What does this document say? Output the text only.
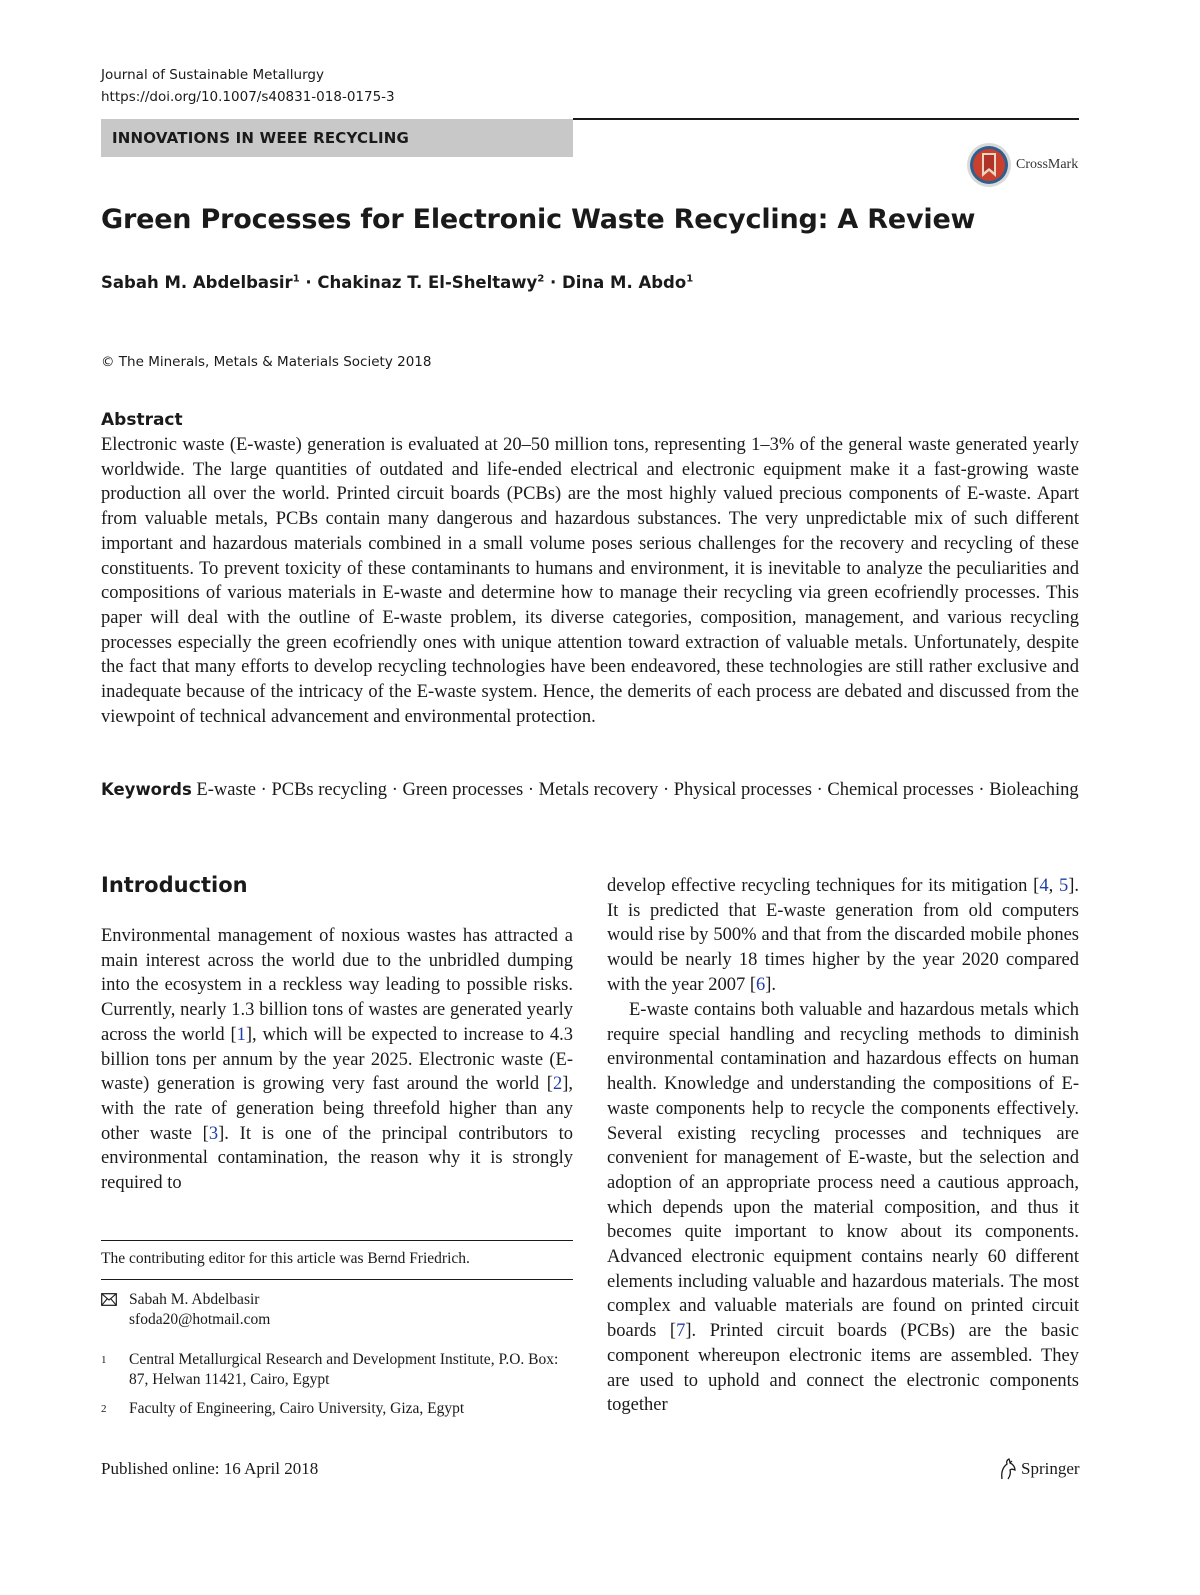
Journal of Sustainable Metallurgy
https://doi.org/10.1007/s40831-018-0175-3
INNOVATIONS IN WEEE RECYCLING
CrossMark
Green Processes for Electronic Waste Recycling: A Review
Sabah M. Abdelbasir$^1$ · Chakinaz T. El-Sheltawy$^2$ · Dina M. Abdo$^1$
© The Minerals, Metals & Materials Society 2018
Abstract

Electronic waste (E-waste) generation is evaluated at 20–50 million tons, representing 1–3% of the general waste generated yearly worldwide. The large quantities of outdated and life-ended electrical and electronic equipment make it a fast-growing waste production all over the world. Printed circuit boards (PCBs) are the most highly valued precious components of E-waste. Apart from valuable metals, PCBs contain many dangerous and hazardous substances. The very unpredictable mix of such different important and hazardous materials combined in a small volume poses serious challenges for the recovery and recycling of these constituents. To prevent toxicity of these contaminants to humans and environment, it is inevitable to analyze the peculiarities and compositions of various materials in E-waste and determine how to manage their recycling via green ecofriendly processes. This paper will deal with the outline of E-waste problem, its diverse categories, composition, management, and various recycling processes especially the green ecofriendly ones with unique attention toward extraction of valuable metals. Unfortunately, despite the fact that many efforts to develop recycling technologies have been endeavored, these technologies are still rather exclusive and inadequate because of the intricacy of the E-waste system. Hence, the demerits of each process are debated and discussed from the viewpoint of technical advancement and environmental protection.

Keywords E-waste · PCBs recycling · Green processes · Metals recovery · Physical processes · Chemical processes · Bioleaching

Introduction

Environmental management of noxious wastes has attracted a main interest across the world due to the unbridled dumping into the ecosystem in a reckless way leading to possible risks. Currently, nearly 1.3 billion tons of wastes are generated yearly across the world [1], which will be expected to increase to 4.3 billion tons per annum by the year 2025. Electronic waste (E-waste) generation is growing very fast around the world [2], with the rate of generation being threefold higher than any other waste [3]. It is one of the principal contributors to environmental contamination, the reason why it is strongly required to

develop effective recycling techniques for its mitigation [4, 5]. It is predicted that E-waste generation from old computers would rise by 500% and that from the discarded mobile phones would be nearly 18 times higher by the year 2020 compared with the year 2007 [6].

E-waste contains both valuable and hazardous metals which require special handling and recycling methods to diminish environmental contamination and hazardous effects on human health. Knowledge and understanding the compositions of E-waste components help to recycle the components effectively. Several existing recycling processes and techniques are convenient for management of E-waste, but the selection and adoption of an appropriate process need a cautious approach, which depends upon the material composition, and thus it becomes quite important to know about its components. Advanced electronic equipment contains nearly 60 different elements including valuable and hazardous materials. The most complex and valuable materials are found on printed circuit boards [7]. Printed circuit boards (PCBs) are the basic component whereupon electronic items are assembled. They are used to uphold and connect the electronic components together

The contributing editor for this article was Bernd Friedrich.
Sabah M. Abdelbasir
sfoda20@hotmail.com
1 Central Metallurgical Research and Development Institute, P.O. Box: 87, Helwan 11421, Cairo, Egypt
2 Faculty of Engineering, Cairo University, Giza, Egypt
Published online: 16 April 2018	Springer
